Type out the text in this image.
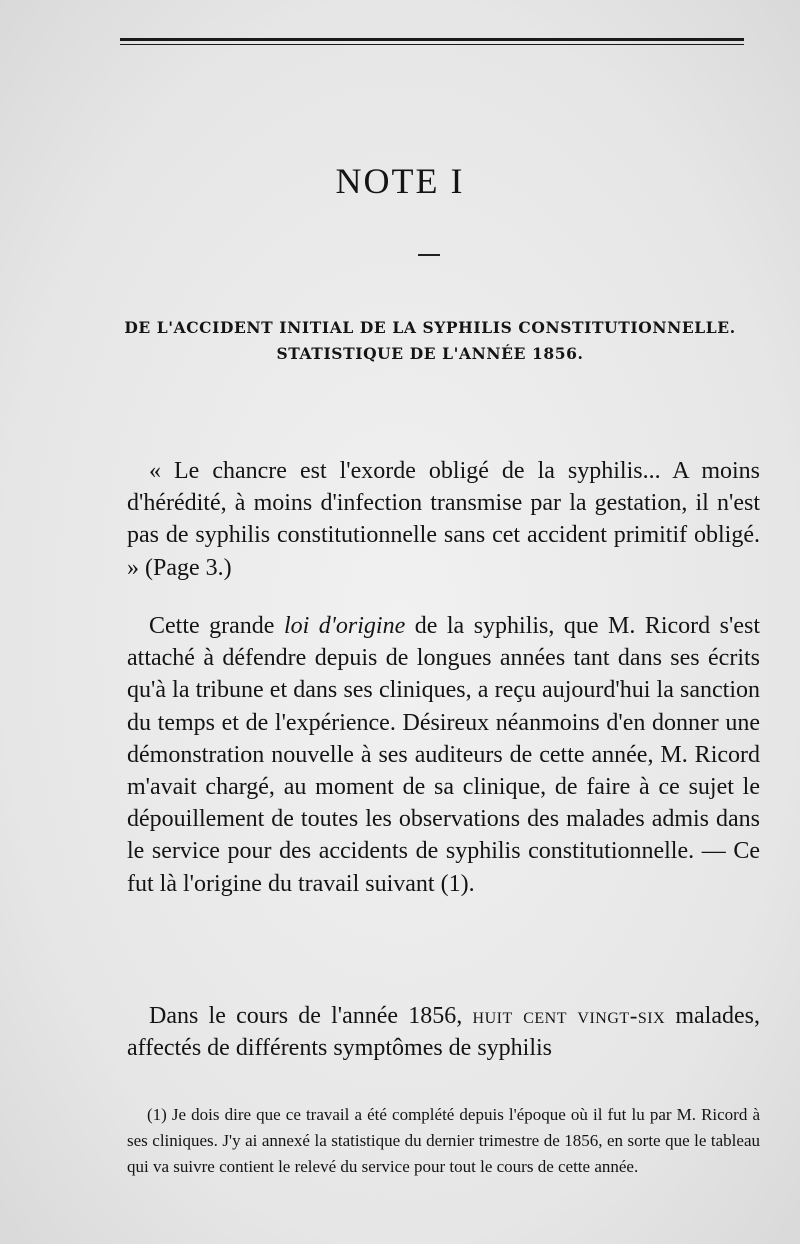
NOTE I
DE L'ACCIDENT INITIAL DE LA SYPHILIS CONSTITUTIONNELLE.
STATISTIQUE DE L'ANNÉE 1856.

« Le chancre est l'exorde obligé de la syphilis... A moins d'hérédité, à moins d'infection transmise par la gestation, il n'est pas de syphilis constitutionnelle sans cet accident primitif obligé. » (Page 3.)

Cette grande loi d'origine de la syphilis, que M. Ricord s'est attaché à défendre depuis de longues années tant dans ses écrits qu'à la tribune et dans ses cliniques, a reçu aujourd'hui la sanction du temps et de l'expérience. Désireux néanmoins d'en donner une démonstration nouvelle à ses auditeurs de cette année, M. Ricord m'avait chargé, au moment de sa clinique, de faire à ce sujet le dépouillement de toutes les observations des malades admis dans le service pour des accidents de syphilis constitutionnelle. — Ce fut là l'origine du travail suivant (1).

Dans le cours de l'année 1856, huit cent vingt-six malades, affectés de différents symptômes de syphilis

(1) Je dois dire que ce travail a été complété depuis l'époque où il fut lu par M. Ricord à ses cliniques. J'y ai annexé la statistique du dernier trimestre de 1856, en sorte que le tableau qui va suivre contient le relevé du service pour tout le cours de cette année.
